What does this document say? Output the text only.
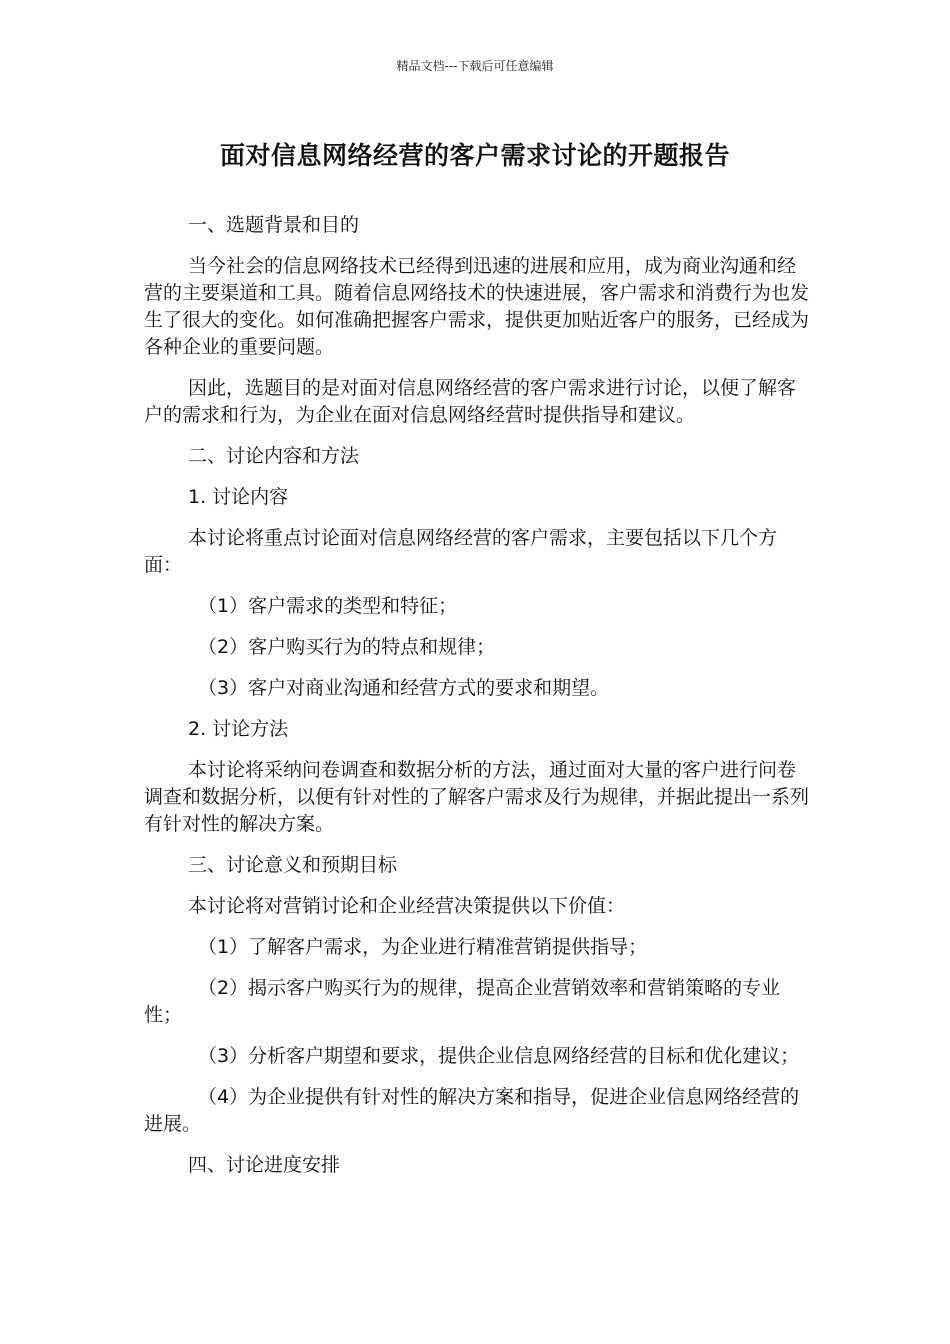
精品文档---下载后可任意编辑
面对信息网络经营的客户需求讨论的开题报告

一、选题背景和目的

当今社会的信息网络技术已经得到迅速的进展和应用，成为商业沟通和经营的主要渠道和工具。随着信息网络技术的快速进展，客户需求和消费行为也发生了很大的变化。如何准确把握客户需求，提供更加贴近客户的服务，已经成为各种企业的重要问题。

因此，选题目的是对面对信息网络经营的客户需求进行讨论，以便了解客户的需求和行为，为企业在面对信息网络经营时提供指导和建议。

二、讨论内容和方法

1. 讨论内容

本讨论将重点讨论面对信息网络经营的客户需求，主要包括以下几个方面：

（1）客户需求的类型和特征；

（2）客户购买行为的特点和规律；

（3）客户对商业沟通和经营方式的要求和期望。

2. 讨论方法

本讨论将采纳问卷调查和数据分析的方法，通过面对大量的客户进行问卷调查和数据分析，以便有针对性的了解客户需求及行为规律，并据此提出一系列有针对性的解决方案。

三、讨论意义和预期目标

本讨论将对营销讨论和企业经营决策提供以下价值：

（1）了解客户需求，为企业进行精准营销提供指导；

（2）揭示客户购买行为的规律，提高企业营销效率和营销策略的专业性；

（3）分析客户期望和要求，提供企业信息网络经营的目标和优化建议；

（4）为企业提供有针对性的解决方案和指导，促进企业信息网络经营的进展。

四、讨论进度安排
